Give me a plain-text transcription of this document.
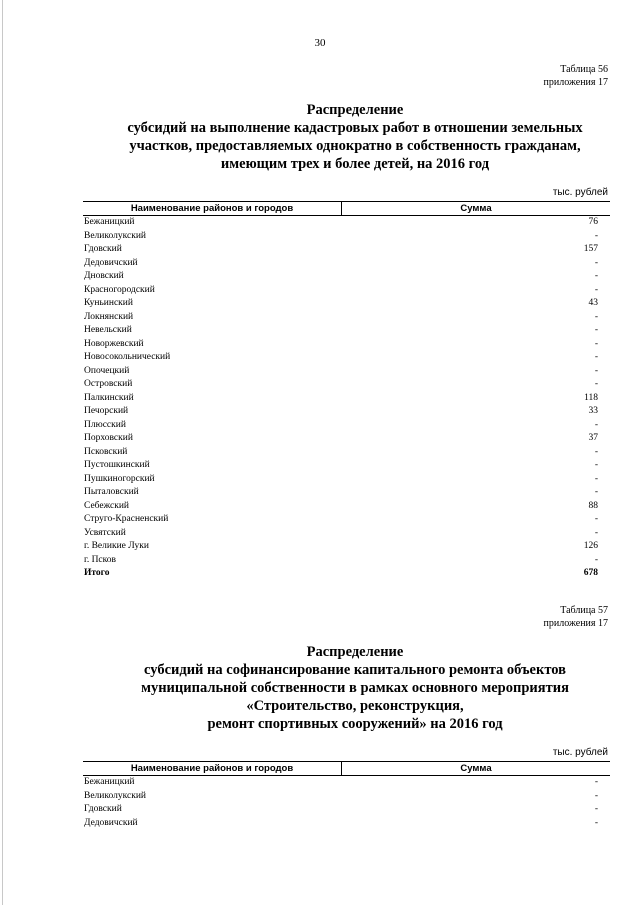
30
Таблица 56
приложения 17
Распределение
субсидий на выполнение кадастровых работ в отношении земельных
участков, предоставляемых однократно в собственность гражданам,
имеющим трех и более детей, на 2016 год
тыс. рублей
Наименование районов и городов	Сумма
Бежаницкий	76
Великолукский	-
Гдовский	157
Дедовичский	-
Дновский	-
Красногородский	-
Куньинский	43
Локнянский	-
Невельский	-
Новоржевский	-
Новосокольнический	-
Опочецкий	-
Островский	-
Палкинский	118
Печорский	33
Плюсский	-
Порховский	37
Псковский	-
Пустошкинский	-
Пушкиногорский	-
Пыталовский	-
Себежский	88
Струго-Красненский	-
Усвятский	-
г. Великие Луки	126
г. Псков	-
Итого	678
Таблица 57
приложения 17
Распределение
субсидий на софинансирование капитального ремонта объектов
муниципальной собственности в рамках основного мероприятия
«Строительство, реконструкция,
ремонт спортивных сооружений» на 2016 год
тыс. рублей
Наименование районов и городов	Сумма
Бежаницкий	-
Великолукский	-
Гдовский	-
Дедовичский	-
